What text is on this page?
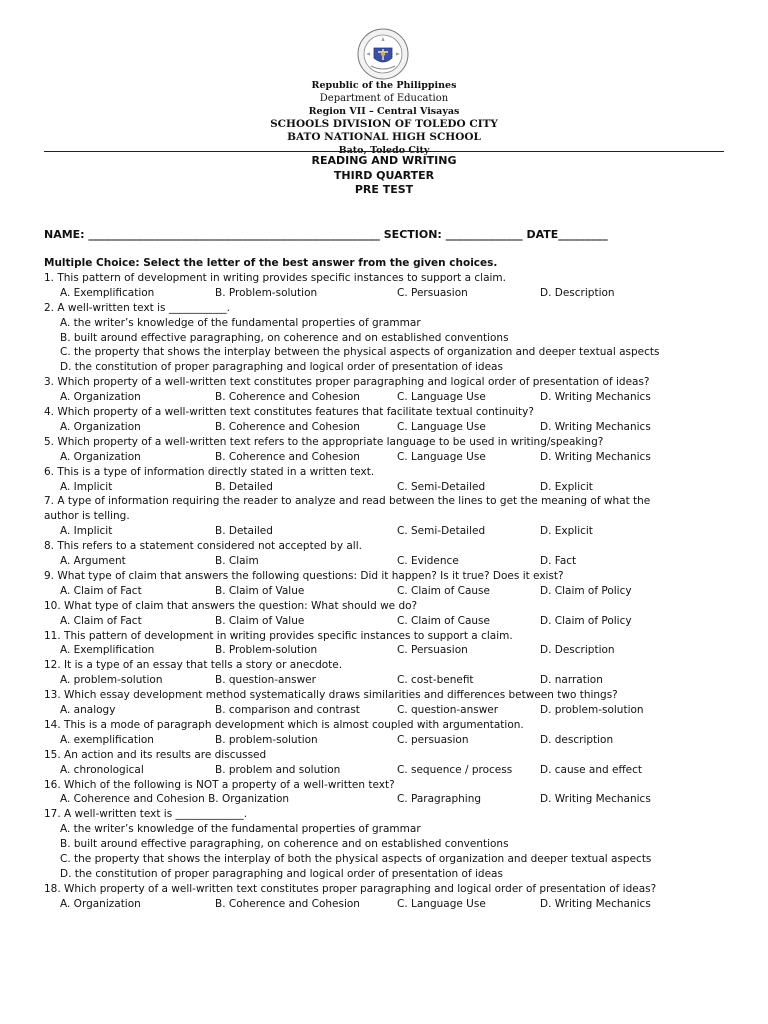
Republic of the Philippines
Department of Education
Region VII – Central Visayas
SCHOOLS DIVISION OF TOLEDO CITY
BATO NATIONAL HIGH SCHOOL
Bato, Toledo City
READING AND WRITING
THIRD QUARTER
PRE TEST
NAME: _____________________________________________________ SECTION: ______________ DATE_________
Multiple Choice: Select the letter of the best answer from the given choices.
1. This pattern of development in writing provides specific instances to support a claim.
A. Exemplification	B. Problem-solution	C. Persuasion	D. Description
2. A well-written text is ___________.
A. the writer’s knowledge of the fundamental properties of grammar
B. built around effective paragraphing, on coherence and on established conventions
C. the property that shows the interplay between the physical aspects of organization and deeper textual aspects
D. the constitution of proper paragraphing and logical order of presentation of ideas
3. Which property of a well-written text constitutes proper paragraphing and logical order of presentation of ideas?
A. Organization	B. Coherence and Cohesion	C. Language Use	D. Writing Mechanics
4. Which property of a well-written text constitutes features that facilitate textual continuity?
A. Organization	B. Coherence and Cohesion	C. Language Use	D. Writing Mechanics
5. Which property of a well-written text refers to the appropriate language to be used in writing/speaking?
A. Organization	B. Coherence and Cohesion	C. Language Use	D. Writing Mechanics
6. This is a type of information directly stated in a written text.
A. Implicit	B. Detailed	C. Semi-Detailed	D. Explicit
7. A type of information requiring the reader to analyze and read between the lines to get the meaning of what the
author is telling.
A. Implicit	B. Detailed	C. Semi-Detailed	D. Explicit
8. This refers to a statement considered not accepted by all.
A. Argument	B. Claim	C. Evidence	D. Fact
9. What type of claim that answers the following questions: Did it happen? Is it true? Does it exist?
A. Claim of Fact	B. Claim of Value	C. Claim of Cause	D. Claim of Policy
10. What type of claim that answers the question: What should we do?
A. Claim of Fact	B. Claim of Value	C. Claim of Cause	D. Claim of Policy
11. This pattern of development in writing provides specific instances to support a claim.
A. Exemplification	B. Problem-solution	C. Persuasion	D. Description
12. It is a type of an essay that tells a story or anecdote.
A. problem-solution	B. question-answer	C. cost-benefit	D. narration
13. Which essay development method systematically draws similarities and differences between two things?
A. analogy	B. comparison and contrast	C. question-answer	D. problem-solution
14. This is a mode of paragraph development which is almost coupled with argumentation.
A. exemplification	B. problem-solution	C. persuasion	D. description
15. An action and its results are discussed
A. chronological	B. problem and solution	C. sequence / process	D. cause and effect
16. Which of the following is NOT a property of a well-written text?
A. Coherence and Cohesion B. Organization	C. Paragraphing	D. Writing Mechanics
17. A well-written text is _____________.
A. the writer’s knowledge of the fundamental properties of grammar
B. built around effective paragraphing, on coherence and on established conventions
C. the property that shows the interplay of both the physical aspects of organization and deeper textual aspects
D. the constitution of proper paragraphing and logical order of presentation of ideas
18. Which property of a well-written text constitutes proper paragraphing and logical order of presentation of ideas?
A. Organization	B. Coherence and Cohesion	C. Language Use	D. Writing Mechanics
